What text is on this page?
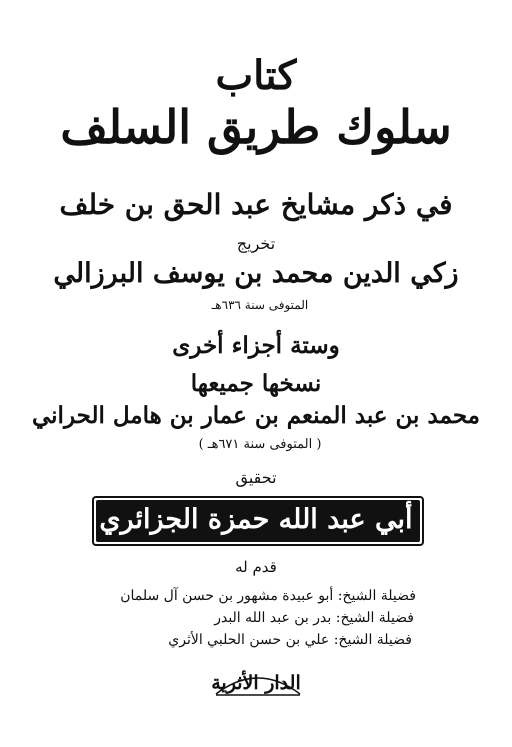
كتاب
سلوك طريق السلف
في ذكر مشايخ عبد الحق بن خلف
تخريج
زكي الدين محمد بن يوسف البرزالي
المتوفى سنة ٦٣٦هـ
وستة أجزاء أخرى
نسخها جميعها
محمد بن عبد المنعم بن عمار بن هامل الحراني
( المتوفى سنة ٦٧١هـ )
تحقيق
أبي عبد الله حمزة الجزائري
قدم له
فضيلة الشيخ: أبو عبيدة مشهور بن حسن آل سلمان
فضيلة الشيخ: بدر بن عبد الله البدر
فضيلة الشيخ: علي بن حسن الحلبي الأثري
الدار الأثرية
